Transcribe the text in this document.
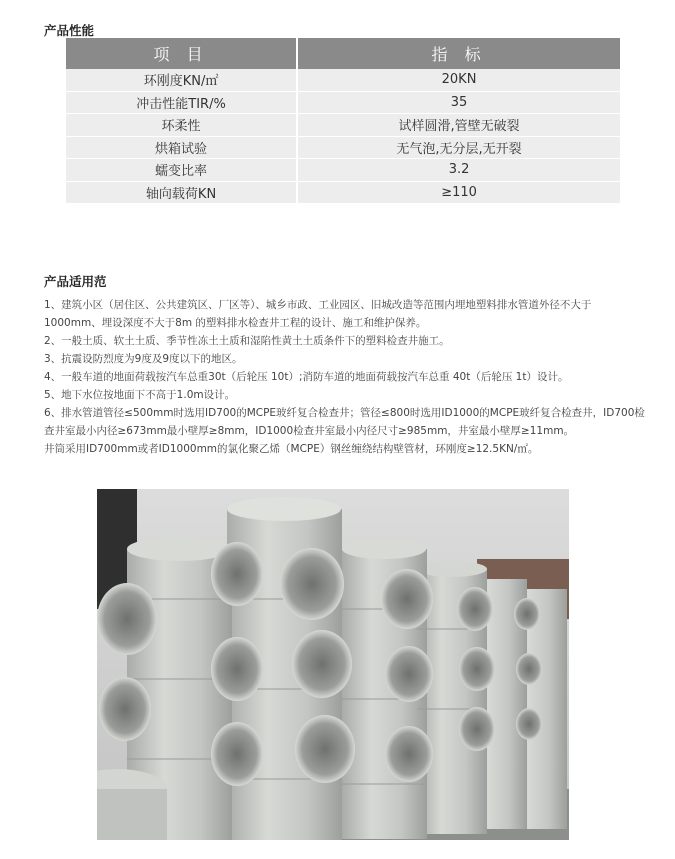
产品性能
项 目	指 标
环刚度KN/㎡	20KN
冲击性能TIR/%	35
环柔性	试样圆滑,管壁无破裂
烘箱试验	无气泡,无分层,无开裂
蠕变比率	3.2
轴向载荷KN	≥110
产品适用范

1、建筑小区（居住区、公共建筑区、厂区等）、城乡市政、工业园区、旧城改造等范围内埋地塑料排水管道外径不大于

1000mm、埋设深度不大于8m 的塑料排水检查井工程的设计、施工和维护保养。

2、一般土质、软土土质、季节性冻土土质和湿陷性黄土土质条件下的塑料检查井施工。

3、抗震设防烈度为9度及9度以下的地区。

4、一般车道的地面荷载按汽车总重30t（后轮压 10t）;消防车道的地面荷载按汽车总重 40t（后轮压 1t）设计。

5、地下水位按地面下不高于1.0m设计。

6、排水管道管径≤500mm时选用ID700的MCPE玻纤复合检查井；管径≤800时选用ID1000的MCPE玻纤复合检查井，ID700检

查井室最小内径≥673mm最小壁厚≥8mm，ID1000检查井室最小内径尺寸≥985mm，井室最小壁厚≥11mm。

井筒采用ID700mm或者ID1000mm的氯化聚乙烯（MCPE）钢丝缠绕结构壁管材，环刚度≥12.5KN/㎡。
